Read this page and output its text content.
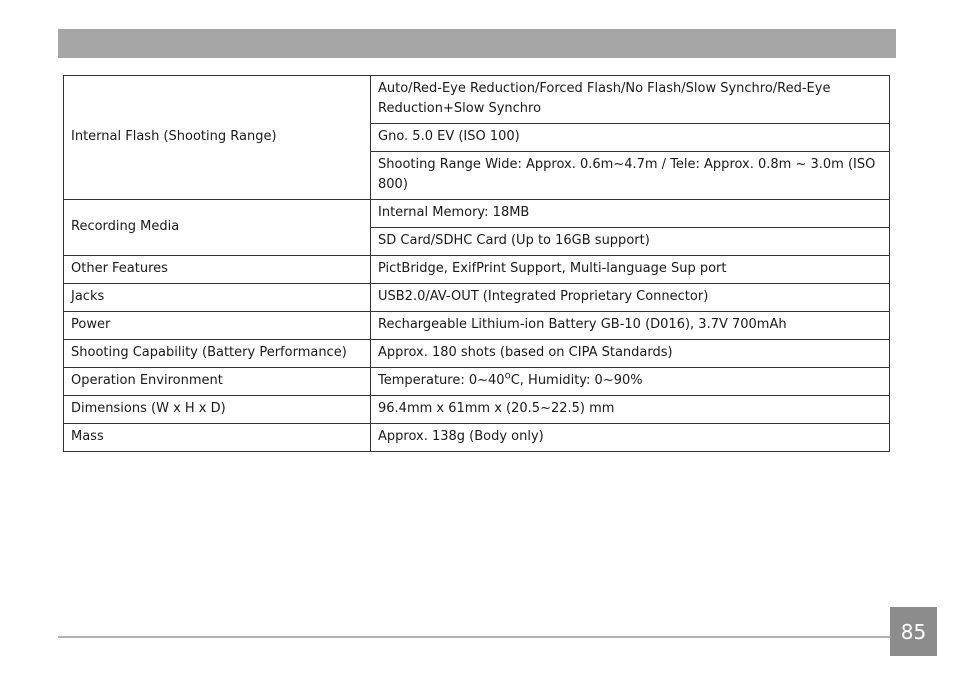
Internal Flash (Shooting Range)	Auto/Red-Eye Reduction/Forced Flash/No Flash/Slow Synchro/Red-Eye Reduction+Slow Synchro
	Gno. 5.0 EV (ISO 100)
	Shooting Range Wide: Approx. 0.6m~4.7m / Tele: Approx. 0.8m ~ 3.0m (ISO 800)
Recording Media	Internal Memory: 18MB
	SD Card/SDHC Card (Up to 16GB support)
Other Features	PictBridge, ExifPrint Support, Multi-language Sup port
Jacks	USB2.0/AV-OUT (Integrated Proprietary Connector)
Power	Rechargeable Lithium-ion Battery GB-10 (D016), 3.7V 700mAh
Shooting Capability (Battery Performance)	Approx. 180 shots (based on CIPA Standards)
Operation Environment	Temperature: 0~40$^o$C, Humidity: 0~90%
Dimensions (W x H x D)	96.4mm x 61mm x (20.5~22.5) mm
Mass	Approx. 138g (Body only)
85
